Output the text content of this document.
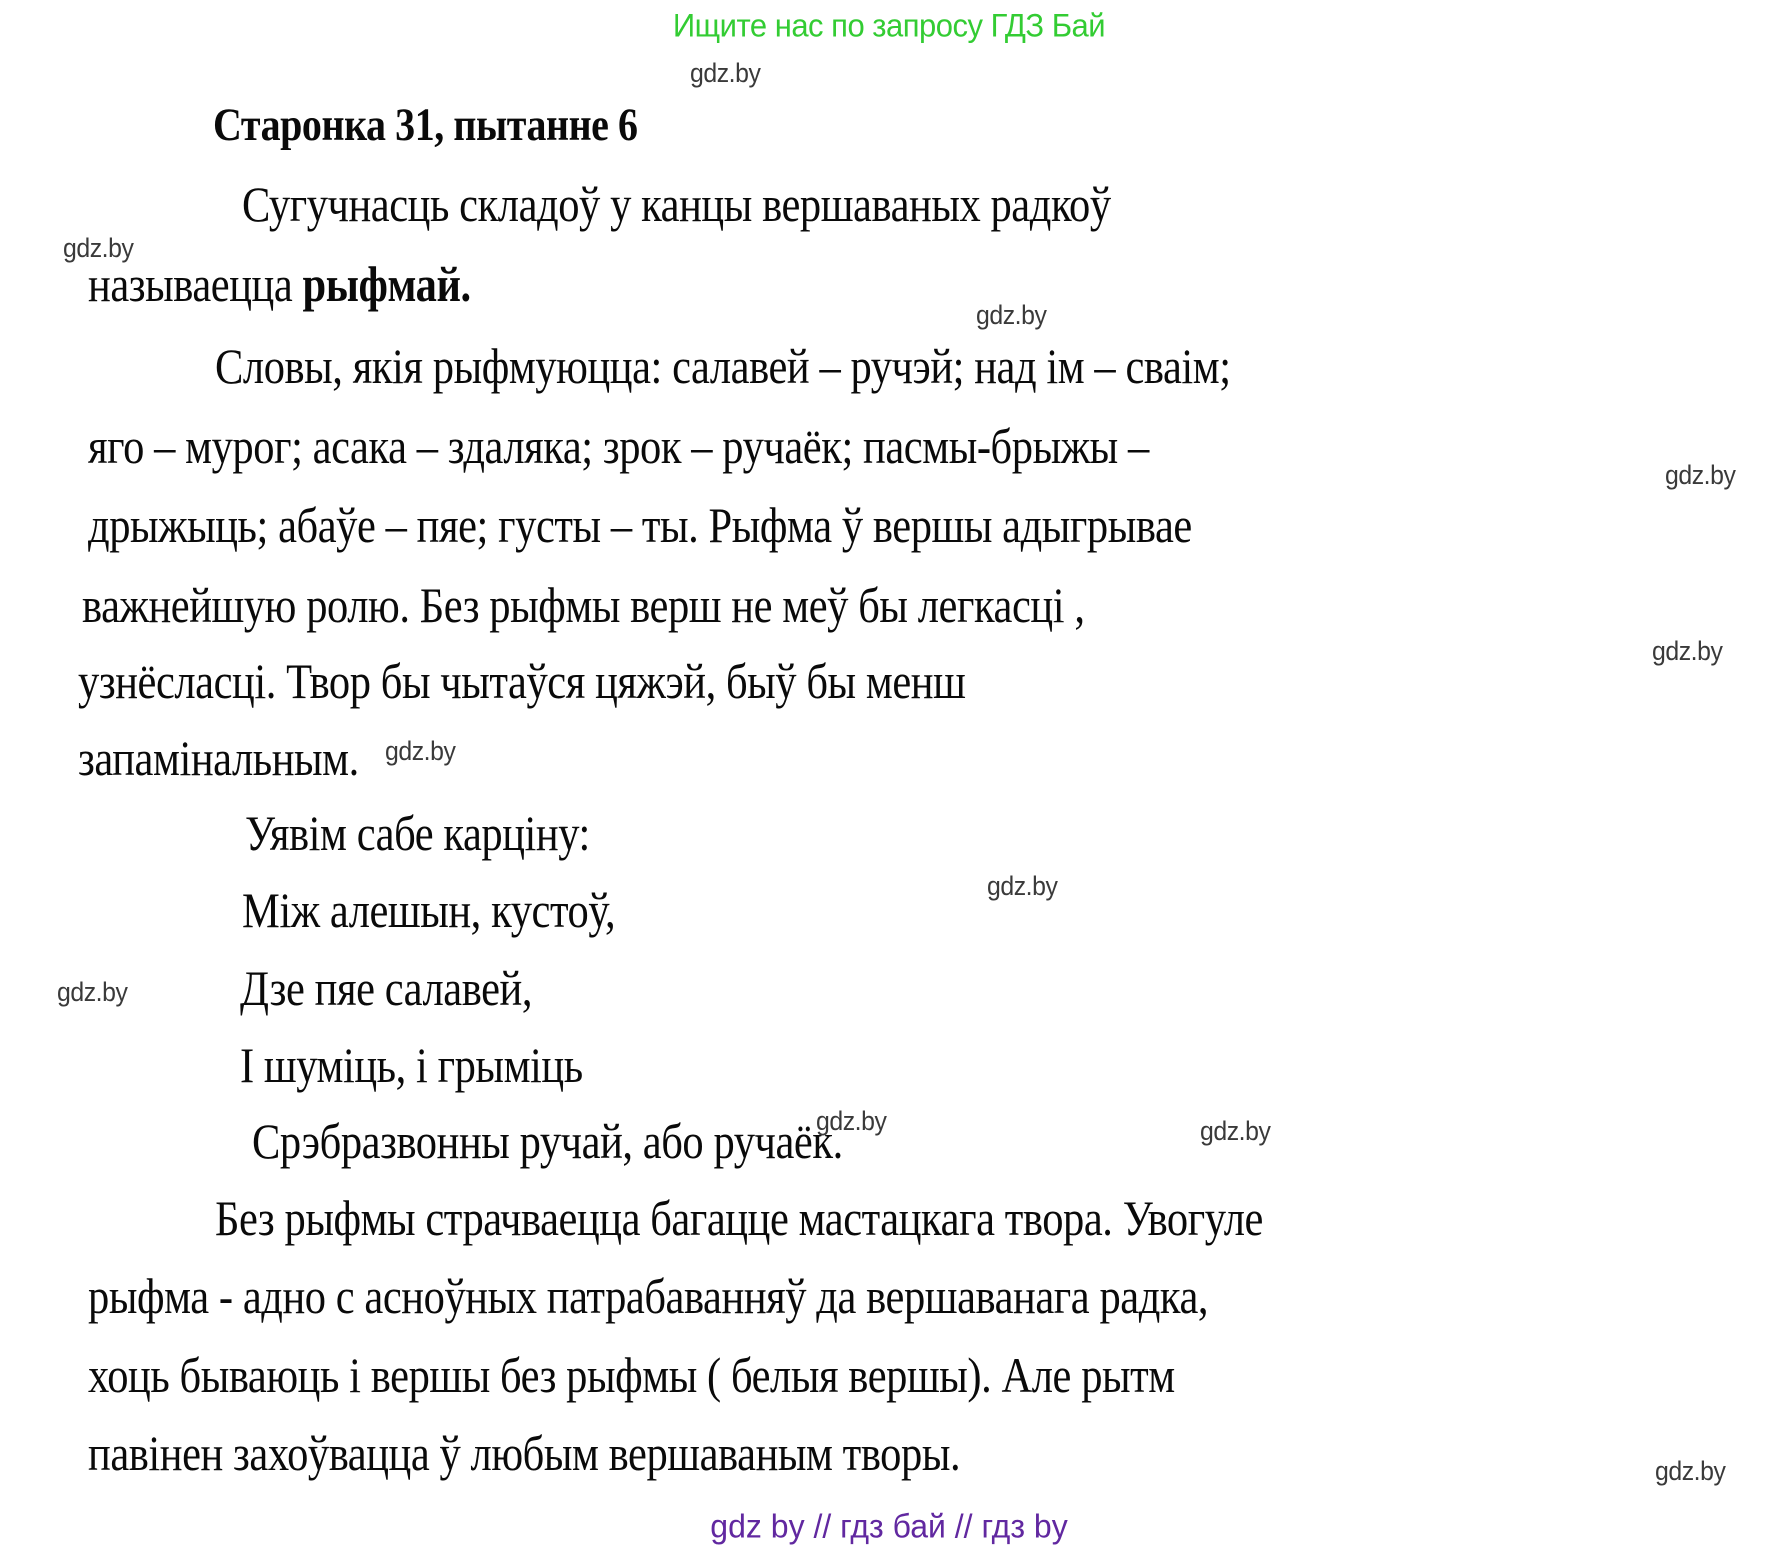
Ищите нас по запросу ГДЗ Бай
Старонка 31, пытанне 6
Сугучнасць складоў у канцы вершаваных радкоў
называецца рыфмай.
Словы, якія рыфмуюцца: салавей – ручэй; над ім – сваім;
яго – мурог; асака – здаляка; зрок – ручаёк; пасмы-брыжы –
дрыжыць; абаўе – пяе; густы – ты. Рыфма ў вершы адыгрывае
важнейшую ролю. Без рыфмы верш не меў бы легкасці ,
узнёсласці. Твор бы чытаўся цяжэй, быў бы менш
запамінальным.
Уявім сабе карціну:
Між алешын, кустоў,
Дзе пяе салавей,
І шуміць, і грыміць
Срэбразвонны ручай, або ручаёк.
Без рыфмы страчваецца багацце мастацкага твора. Увогуле
рыфма - адно с асноўных патрабаванняў да вершаванага радка,
хоць бываюць і вершы без рыфмы ( белыя вершы). Але рытм
павінен захоўвацца ў любым вершаваным творы.
gdz.by
gdz.by
gdz.by
gdz.by
gdz.by
gdz.by
gdz.by
gdz.by
gdz.by	gdz.by
gdz.by
gdz by // гдз бай // гдз by
